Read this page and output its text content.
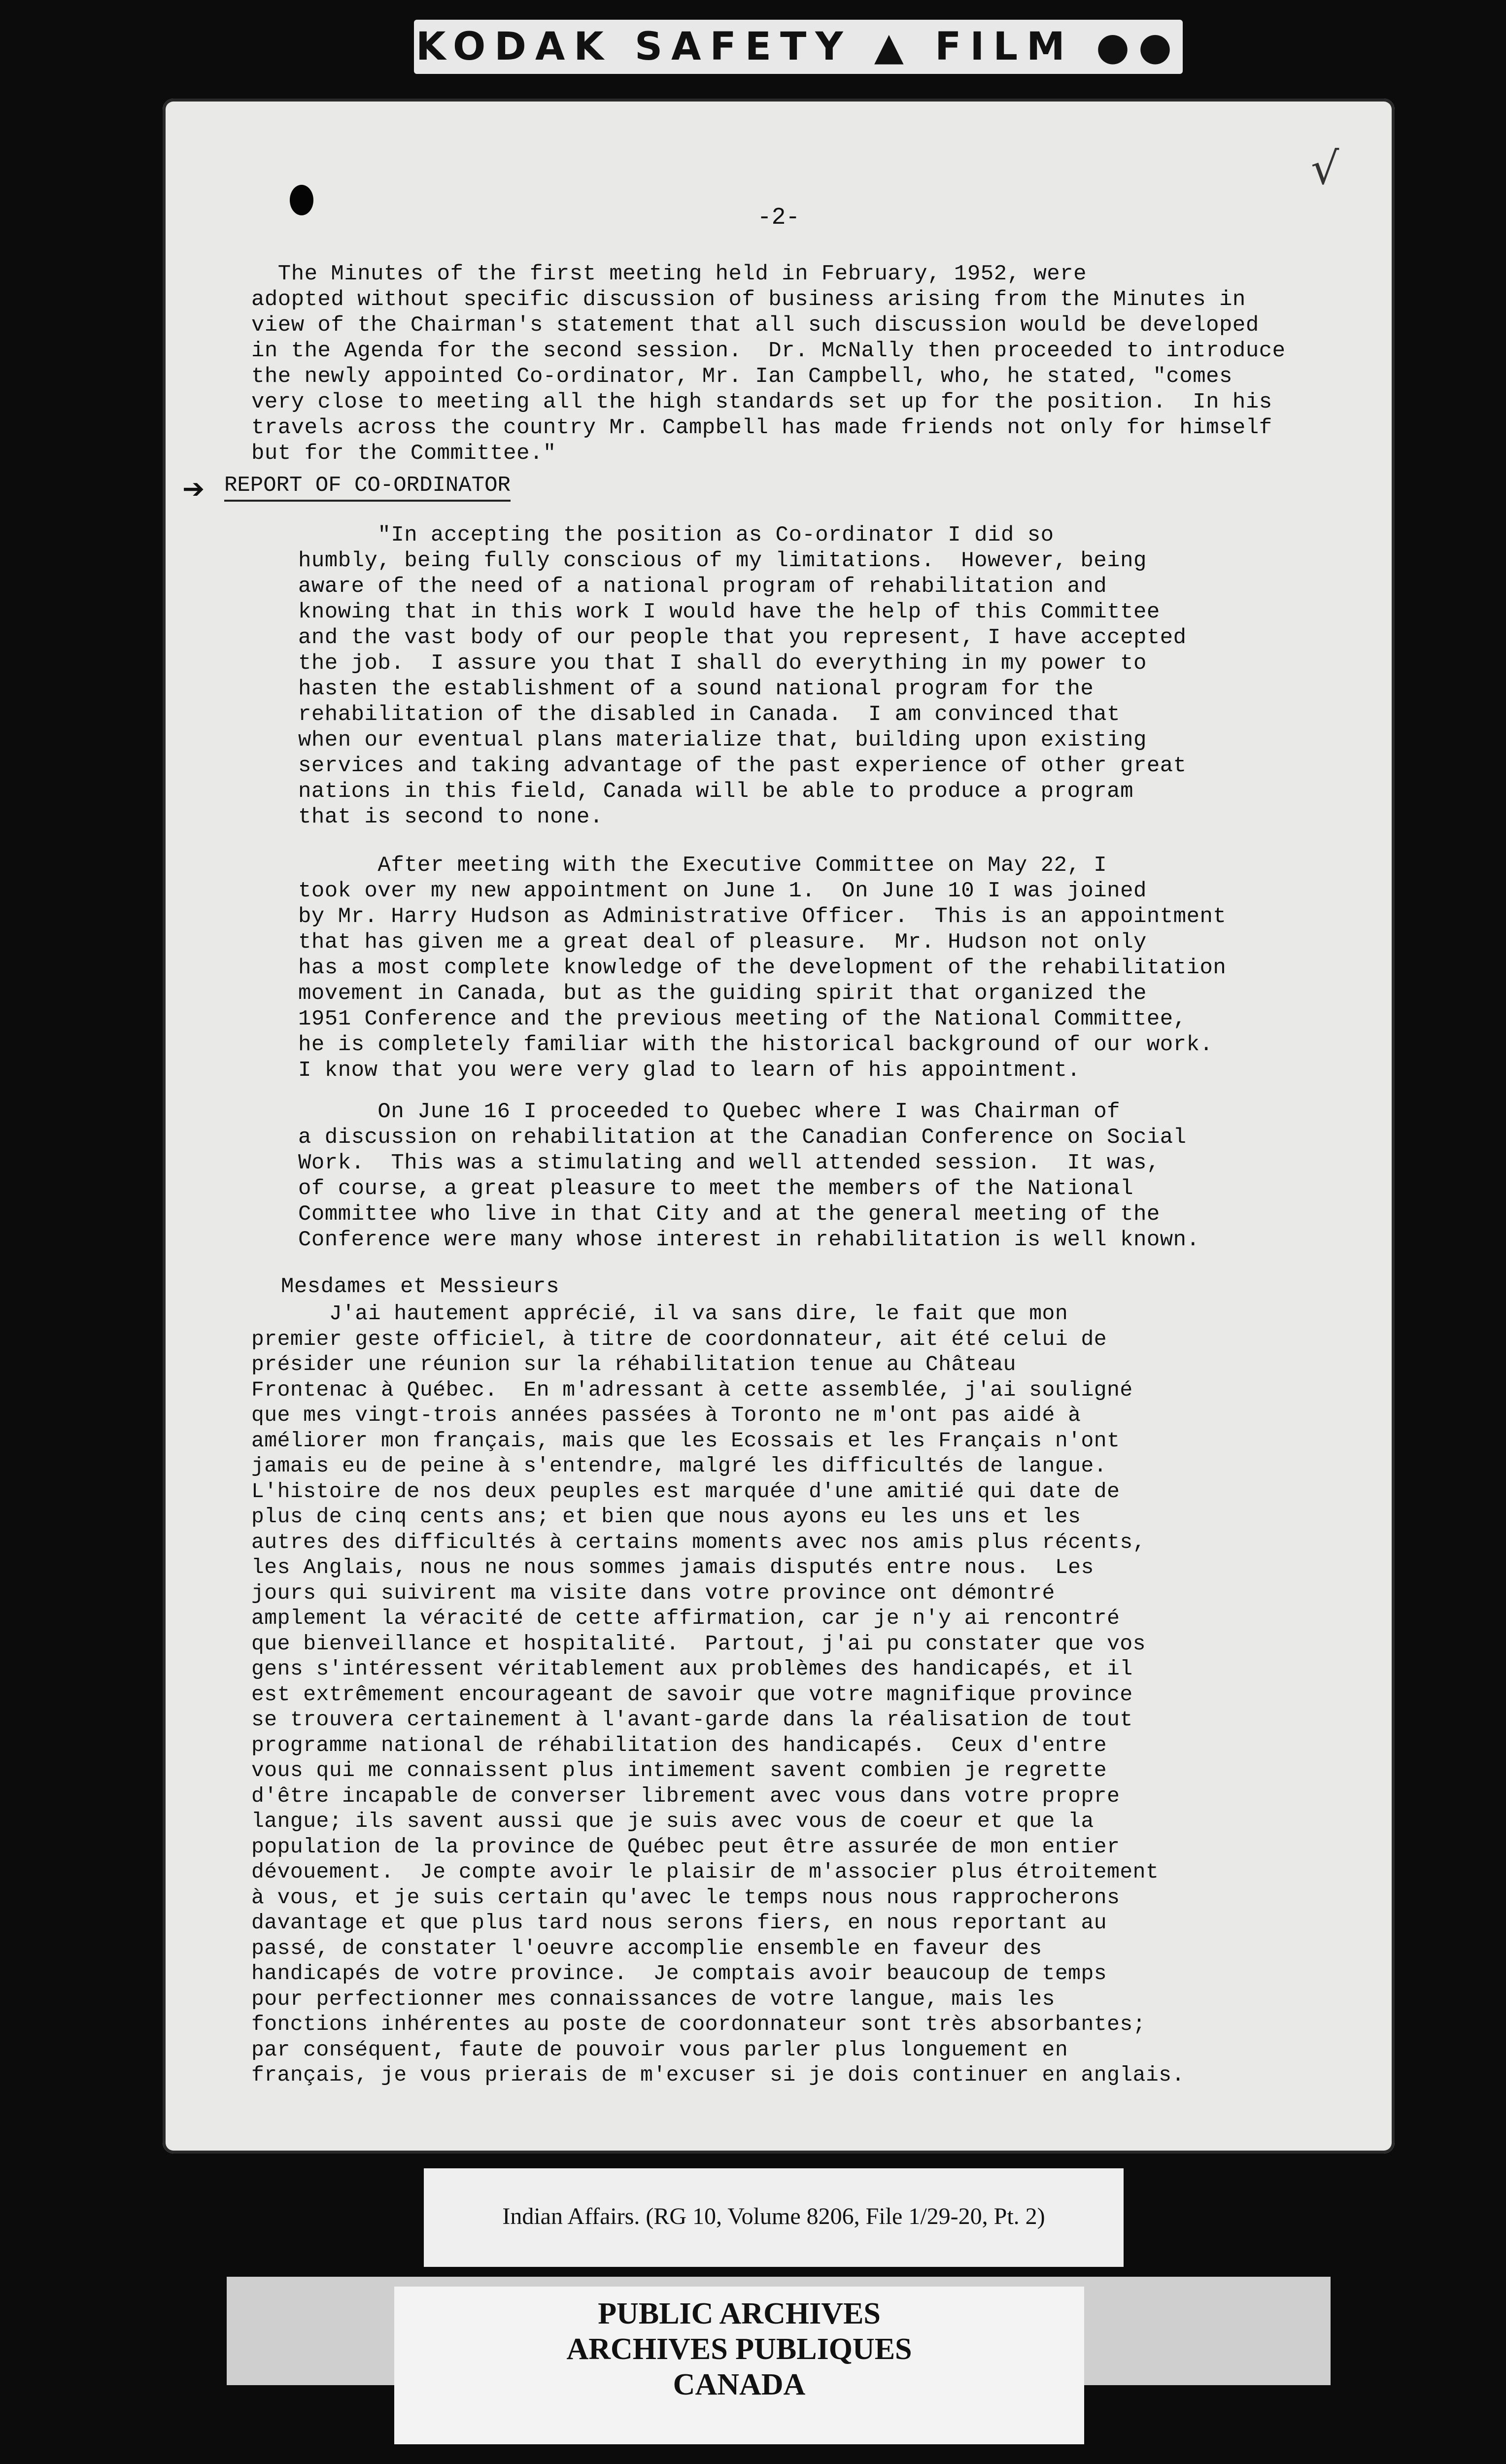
KODAK SAFETY ▲ FILM ●●
√
-2-
The Minutes of the first meeting held in February, 1952, were
adopted without specific discussion of business arising from the Minutes in
view of the Chairman's statement that all such discussion would be developed
in the Agenda for the second session.  Dr. McNally then proceeded to introduce
the newly appointed Co-ordinator, Mr. Ian Campbell, who, he stated, "comes
very close to meeting all the high standards set up for the position.  In his
travels across the country Mr. Campbell has made friends not only for himself
but for the Committee."
➔ REPORT OF CO-ORDINATOR
"In accepting the position as Co-ordinator I did so
humbly, being fully conscious of my limitations.  However, being
aware of the need of a national program of rehabilitation and
knowing that in this work I would have the help of this Committee
and the vast body of our people that you represent, I have accepted
the job.  I assure you that I shall do everything in my power to
hasten the establishment of a sound national program for the
rehabilitation of the disabled in Canada.  I am convinced that
when our eventual plans materialize that, building upon existing
services and taking advantage of the past experience of other great
nations in this field, Canada will be able to produce a program
that is second to none.
After meeting with the Executive Committee on May 22, I
took over my new appointment on June 1.  On June 10 I was joined
by Mr. Harry Hudson as Administrative Officer.  This is an appointment
that has given me a great deal of pleasure.  Mr. Hudson not only
has a most complete knowledge of the development of the rehabilitation
movement in Canada, but as the guiding spirit that organized the
1951 Conference and the previous meeting of the National Committee,
he is completely familiar with the historical background of our work.
I know that you were very glad to learn of his appointment.
On June 16 I proceeded to Quebec where I was Chairman of
a discussion on rehabilitation at the Canadian Conference on Social
Work.  This was a stimulating and well attended session.  It was,
of course, a great pleasure to meet the members of the National
Committee who live in that City and at the general meeting of the
Conference were many whose interest in rehabilitation is well known.
Mesdames et Messieurs
J'ai hautement apprécié, il va sans dire, le fait que mon
premier geste officiel, à titre de coordonnateur, ait été celui de
présider une réunion sur la réhabilitation tenue au Château
Frontenac à Québec.  En m'adressant à cette assemblée, j'ai souligné
que mes vingt-trois années passées à Toronto ne m'ont pas aidé à
améliorer mon français, mais que les Ecossais et les Français n'ont
jamais eu de peine à s'entendre, malgré les difficultés de langue.
L'histoire de nos deux peuples est marquée d'une amitié qui date de
plus de cinq cents ans; et bien que nous ayons eu les uns et les
autres des difficultés à certains moments avec nos amis plus récents,
les Anglais, nous ne nous sommes jamais disputés entre nous.  Les
jours qui suivirent ma visite dans votre province ont démontré
amplement la véracité de cette affirmation, car je n'y ai rencontré
que bienveillance et hospitalité.  Partout, j'ai pu constater que vos
gens s'intéressent véritablement aux problèmes des handicapés, et il
est extrêmement encourageant de savoir que votre magnifique province
se trouvera certainement à l'avant-garde dans la réalisation de tout
programme national de réhabilitation des handicapés.  Ceux d'entre
vous qui me connaissent plus intimement savent combien je regrette
d'être incapable de converser librement avec vous dans votre propre
langue; ils savent aussi que je suis avec vous de coeur et que la
population de la province de Québec peut être assurée de mon entier
dévouement.  Je compte avoir le plaisir de m'associer plus étroitement
à vous, et je suis certain qu'avec le temps nous nous rapprocherons
davantage et que plus tard nous serons fiers, en nous reportant au
passé, de constater l'oeuvre accomplie ensemble en faveur des
handicapés de votre province.  Je comptais avoir beaucoup de temps
pour perfectionner mes connaissances de votre langue, mais les
fonctions inhérentes au poste de coordonnateur sont très absorbantes;
par conséquent, faute de pouvoir vous parler plus longuement en
français, je vous prierais de m'excuser si je dois continuer en anglais.
Indian Affairs. (RG 10, Volume 8206, File 1/29-20, Pt. 2)
PUBLIC ARCHIVES
ARCHIVES PUBLIQUES
CANADA
